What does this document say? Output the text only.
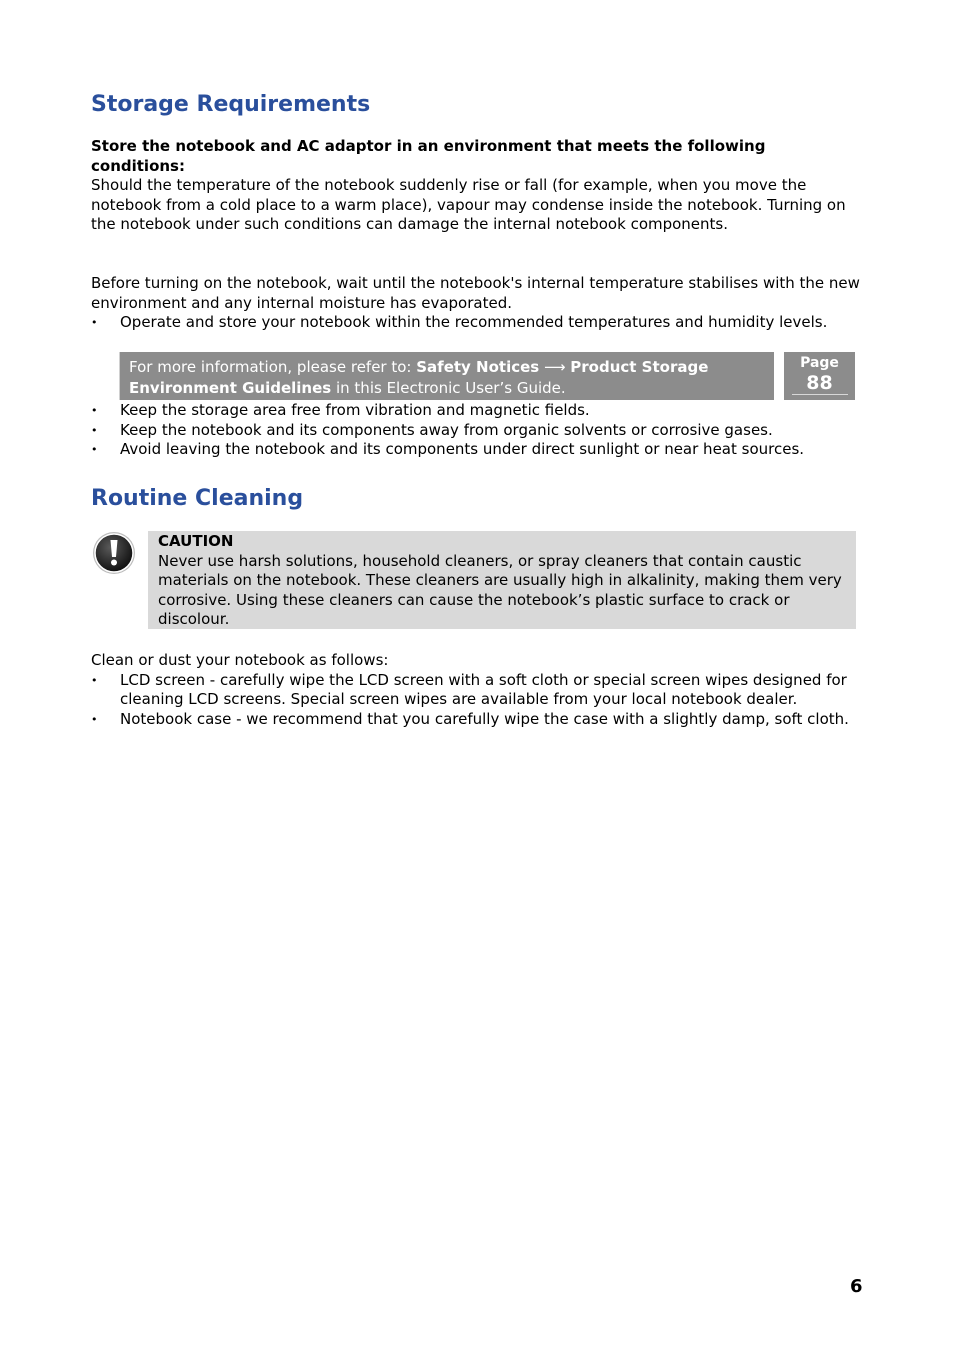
Storage Requirements

Store the notebook and AC adaptor in an environment that meets the following conditions:

Should the temperature of the notebook suddenly rise or fall (for example, when you move the notebook from a cold place to a warm place), vapour may condense inside the notebook. Turning on the notebook under such conditions can damage the internal notebook components.

Before turning on the notebook, wait until the notebook's internal temperature stabilises with the new environment and any internal moisture has evaporated.

• Operate and store your notebook within the recommended temperatures and humidity levels.
For more information, please refer to: Safety Notices ⟶ Product Storage Environment Guidelines in this Electronic User’s Guide.
Page
88
• Keep the storage area free from vibration and magnetic fields.
• Keep the notebook and its components away from organic solvents or corrosive gases.
• Avoid leaving the notebook and its components under direct sunlight or near heat sources.
Routine Cleaning
CAUTION
Never use harsh solutions, household cleaners, or spray cleaners that contain caustic materials on the notebook. These cleaners are usually high in alkalinity, making them very corrosive. Using these cleaners can cause the notebook’s plastic surface to crack or discolour.

Clean or dust your notebook as follows:

• LCD screen - carefully wipe the LCD screen with a soft cloth or special screen wipes designed for cleaning LCD screens. Special screen wipes are available from your local notebook dealer.
• Notebook case - we recommend that you carefully wipe the case with a slightly damp, soft cloth.
6
